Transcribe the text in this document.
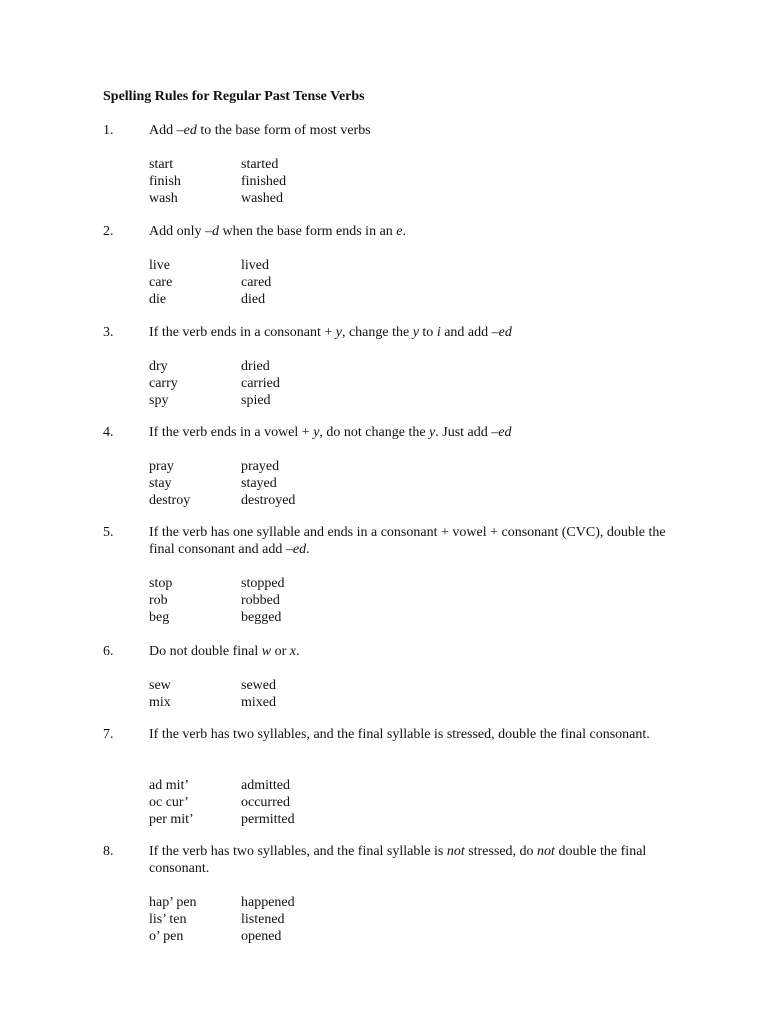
Spelling Rules for Regular Past Tense Verbs
1.	Add –ed to the base form of most verbs
start	started
finish	finished
wash	washed
2.	Add only –d when the base form ends in an e.
live	lived
care	cared
die	died
3.	If the verb ends in a consonant + y, change the y to i and add –ed
dry	dried
carry	carried
spy	spied
4.	If the verb ends in a vowel + y, do not change the y. Just add –ed
pray	prayed
stay	stayed
destroy	destroyed
5.	If the verb has one syllable and ends in a consonant + vowel + consonant (CVC), double the final consonant and add –ed.
stop	stopped
rob	robbed
beg	begged
6.	Do not double final w or x.
sew	sewed
mix	mixed
7.	If the verb has two syllables, and the final syllable is stressed, double the final consonant.
ad mit’	admitted
oc cur’	occurred
per mit’	permitted
8.	If the verb has two syllables, and the final syllable is not stressed, do not double the final consonant.
hap’ pen	happened
lis’ ten	listened
o’ pen	opened
